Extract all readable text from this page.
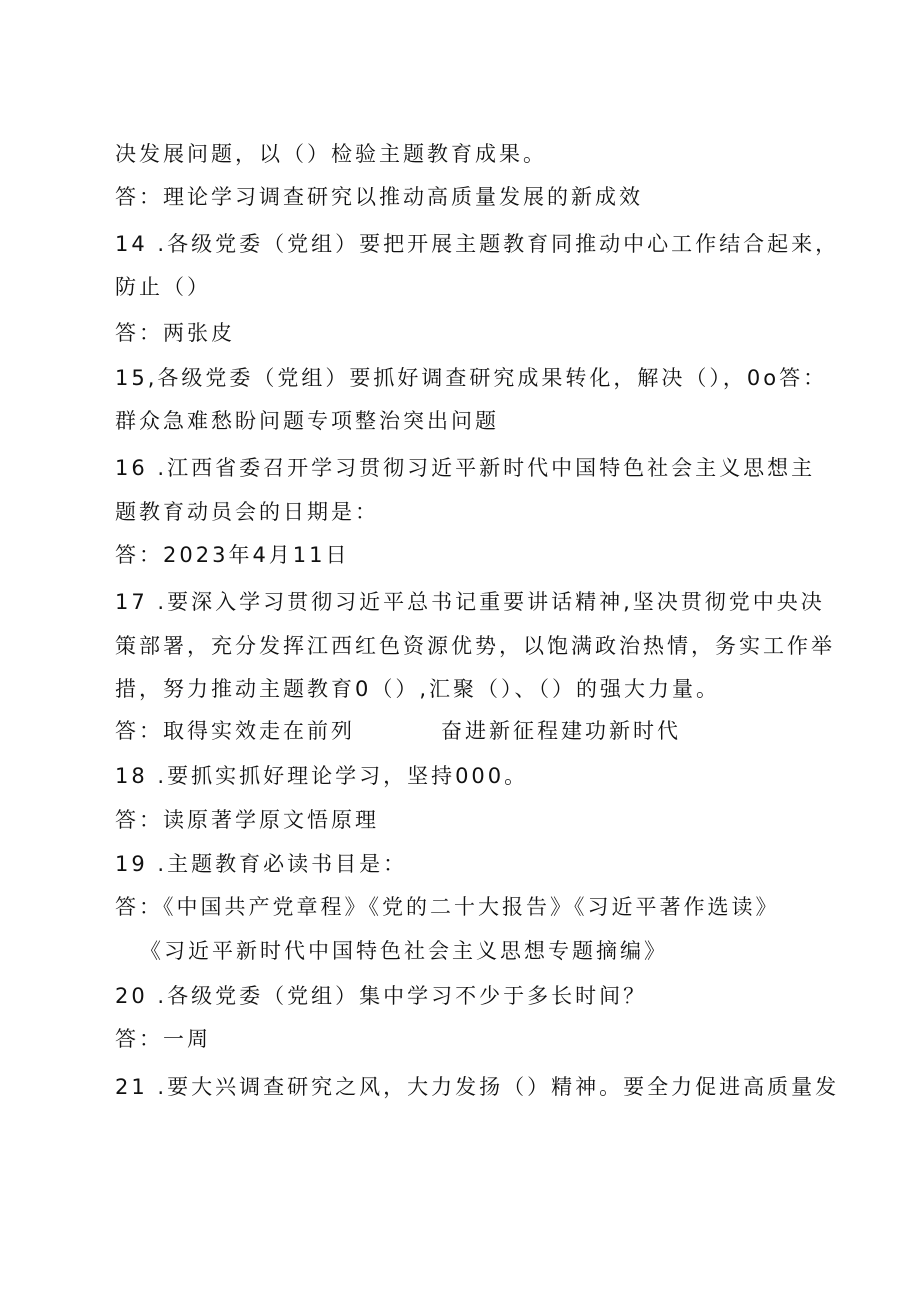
决发展问题，以（）检验主题教育成果。
答：理论学习调查研究以推动高质量发展的新成效
14 .各级党委（党组）要把开展主题教育同推动中心工作结合起来，
防止（）
答：两张皮
15,各级党委（党组）要抓好调查研究成果转化，解决（），0o答：
群众急难愁盼问题专项整治突出问题
16 .江西省委召开学习贯彻习近平新时代中国特色社会主义思想主
题教育动员会的日期是：
答：2023年4月11日
17 .要深入学习贯彻习近平总书记重要讲话精神,坚决贯彻党中央决
策部署，充分发挥江西红色资源优势，以饱满政治热情，务实工作举
措，努力推动主题教育0（）,汇聚（）、（）的强大力量。
答：取得实效走在前列	奋进新征程建功新时代
18 .要抓实抓好理论学习，坚持000。
答：读原著学原文悟原理
19 .主题教育必读书目是：
答：《中国共产党章程》《党的二十大报告》《习近平著作选读》
《习近平新时代中国特色社会主义思想专题摘编》
20 .各级党委（党组）集中学习不少于多长时间？
答：一周
21 .要大兴调查研究之风，大力发扬（）精神。要全力促进高质量发
